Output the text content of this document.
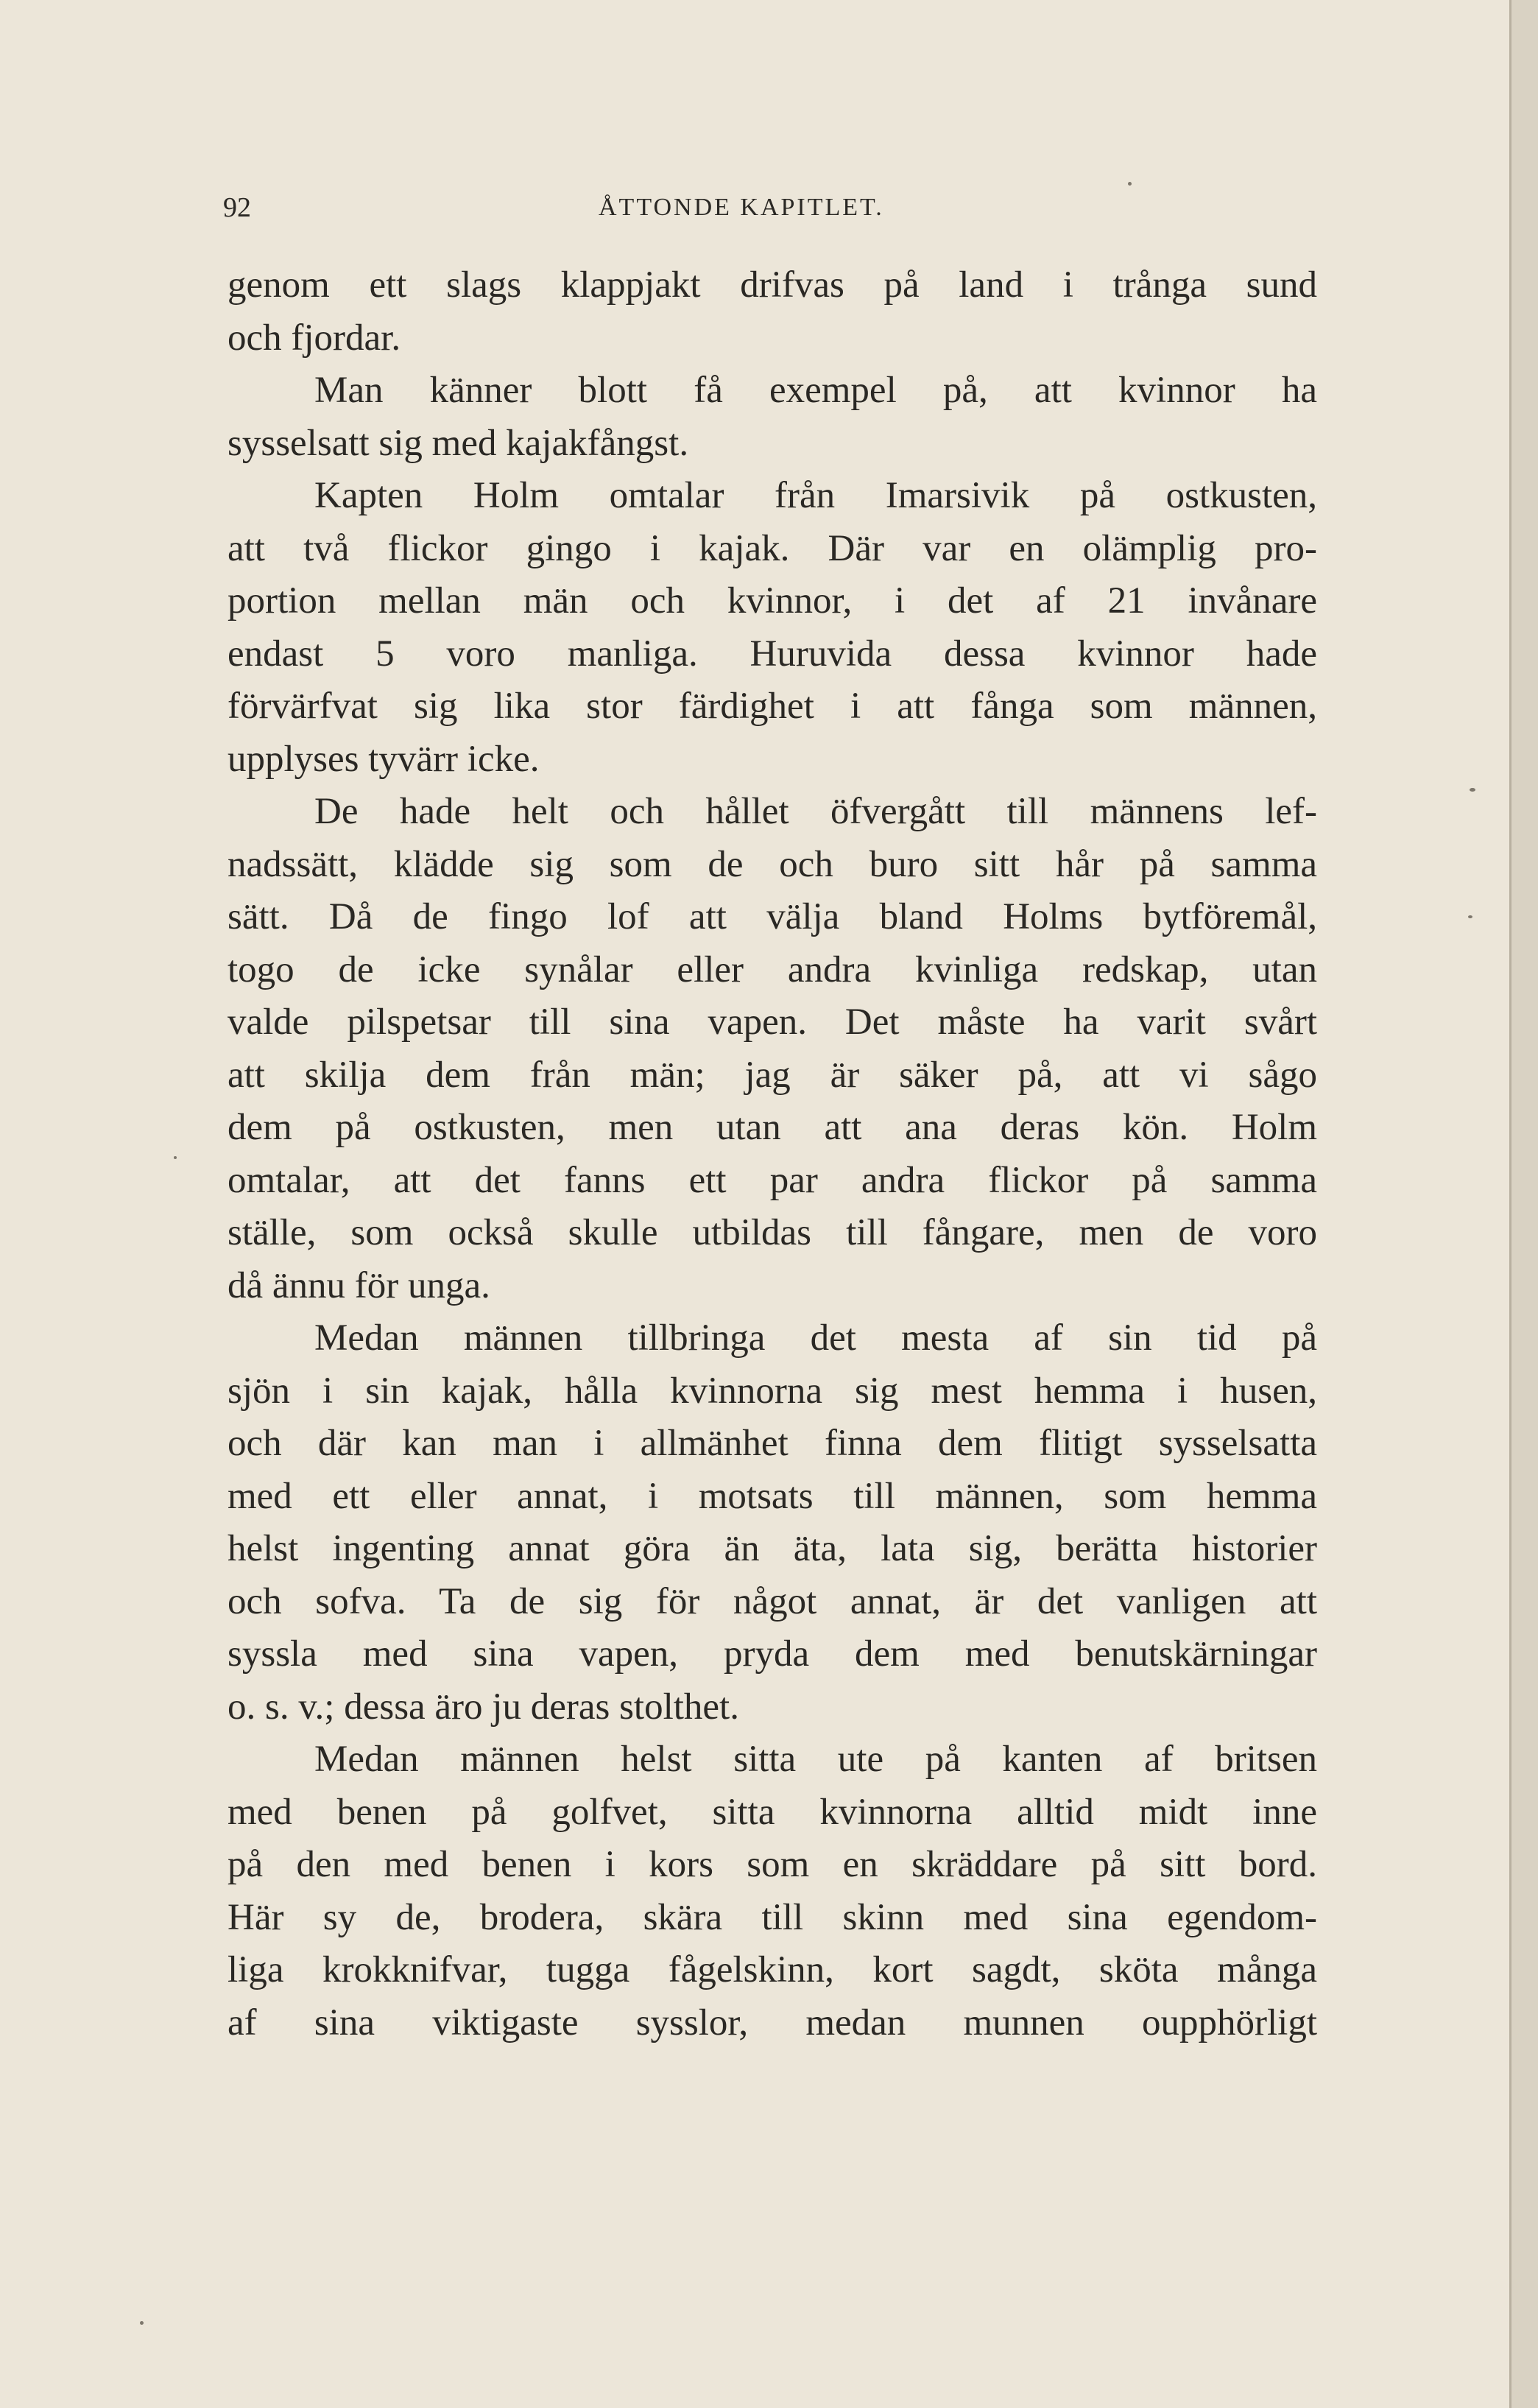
92	ÅTTONDE KAPITLET.
genom ett slags klappjakt drifvas på land i trånga sund
och fjordar.
Man känner blott få exempel på, att kvinnor ha
sysselsatt sig med kajakfångst.
Kapten Holm omtalar från Imarsivik på ostkusten,
att två flickor gingo i kajak. Där var en olämplig pro-
portion mellan män och kvinnor, i det af 21 invånare
endast 5 voro manliga. Huruvida dessa kvinnor hade
förvärfvat sig lika stor färdighet i att fånga som männen,
upplyses tyvärr icke.
De hade helt och hållet öfvergått till männens lef-
nadssätt, klädde sig som de och buro sitt hår på samma
sätt. Då de fingo lof att välja bland Holms bytföremål,
togo de icke synålar eller andra kvinliga redskap, utan
valde pilspetsar till sina vapen. Det måste ha varit svårt
att skilja dem från män; jag är säker på, att vi sågo
dem på ostkusten, men utan att ana deras kön. Holm
omtalar, att det fanns ett par andra flickor på samma
ställe, som också skulle utbildas till fångare, men de voro
då ännu för unga.
Medan männen tillbringa det mesta af sin tid på
sjön i sin kajak, hålla kvinnorna sig mest hemma i husen,
och där kan man i allmänhet finna dem flitigt sysselsatta
med ett eller annat, i motsats till männen, som hemma
helst ingenting annat göra än äta, lata sig, berätta historier
och sofva. Ta de sig för något annat, är det vanligen att
syssla med sina vapen, pryda dem med benutskärningar
o. s. v.; dessa äro ju deras stolthet.
Medan männen helst sitta ute på kanten af britsen
med benen på golfvet, sitta kvinnorna alltid midt inne
på den med benen i kors som en skräddare på sitt bord.
Här sy de, brodera, skära till skinn med sina egendom-
liga krokknifvar, tugga fågelskinn, kort sagdt, sköta många
af sina viktigaste sysslor, medan munnen oupphörligt
